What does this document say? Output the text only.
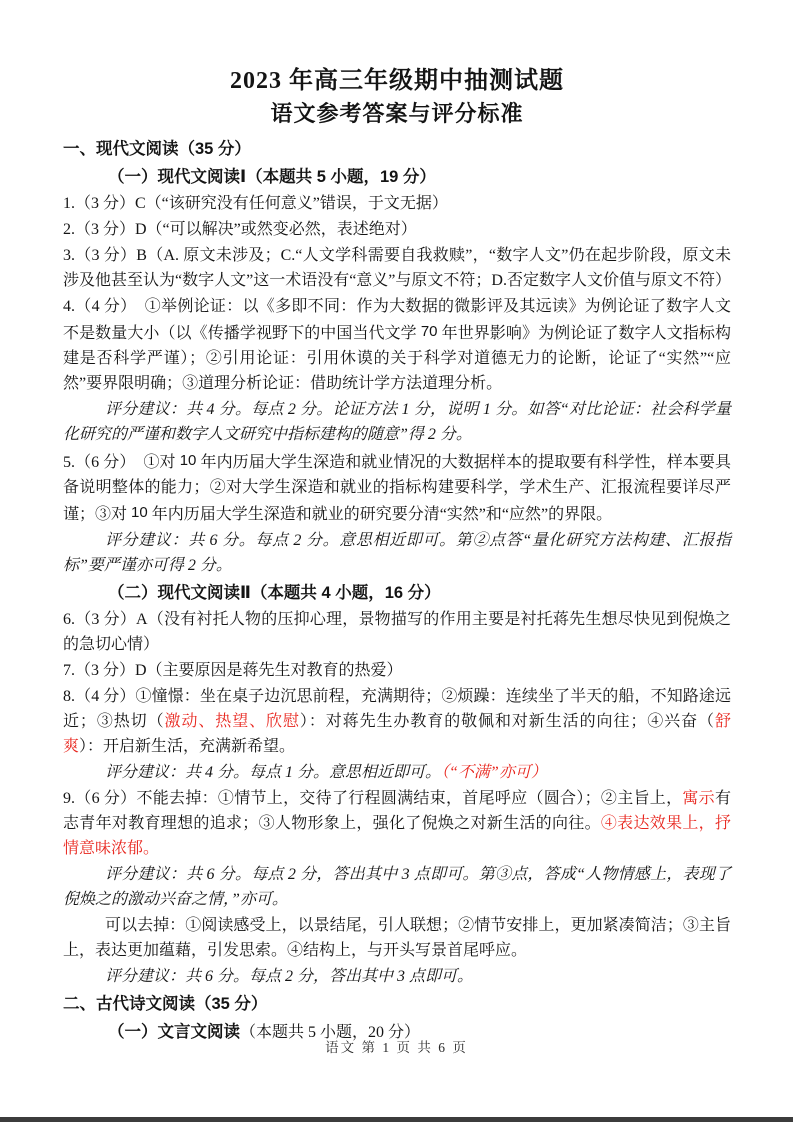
2023 年高三年级期中抽测试题

语文参考答案与评分标准

一、现代文阅读（35 分）

（一）现代文阅读Ⅰ（本题共 5 小题，19 分）

1.（3 分）C（“该研究没有任何意义”错误，于文无据）

2.（3 分）D（“可以解决”或然变必然，表述绝对）

3.（3 分）B（A. 原文未涉及；C.“人文学科需要自我救赎”，“数字人文”仍在起步阶段，原文未涉及他甚至认为“数字人文”这一术语没有“意义”与原文不符；D.否定数字人文价值与原文不符）

4.（4 分）　①举例论证：以《多即不同：作为大数据的微影评及其远读》为例论证了数字人文不是数量大小（以《传播学视野下的中国当代文学 70 年世界影响》为例论证了数字人文指标构建是否科学严谨）；②引用论证：引用休谟的关于科学对道德无力的论断，论证了“实然”“应然”要界限明确；③道理分析论证：借助统计学方法道理分析。

评分建议：共 4 分。每点 2 分。论证方法 1 分，说明 1 分。如答“对比论证：社会科学量化研究的严谨和数字人文研究中指标建构的随意”得 2 分。

5.（6 分）　①对 10 年内历届大学生深造和就业情况的大数据样本的提取要有科学性，样本要具备说明整体的能力；②对大学生深造和就业的指标构建要科学，学术生产、汇报流程要详尽严谨；③对 10 年内历届大学生深造和就业的研究要分清“实然”和“应然”的界限。

评分建议：共 6 分。每点 2 分。意思相近即可。第②点答“量化研究方法构建、汇报指标”要严谨亦可得 2 分。

（二）现代文阅读Ⅱ（本题共 4 小题，16 分）

6.（3 分）A（没有衬托人物的压抑心理，景物描写的作用主要是衬托蒋先生想尽快见到倪焕之的急切心情）

7.（3 分）D（主要原因是蒋先生对教育的热爱）

8.（4 分）①憧憬：坐在桌子边沉思前程，充满期待；②烦躁：连续坐了半天的船，不知路途远近；③热切（激动、热望、欣慰）：对蒋先生办教育的敬佩和对新生活的向往；④兴奋（舒爽）：开启新生活，充满新希望。

评分建议：共 4 分。每点 1 分。意思相近即可。（“不满”亦可）

9.（6 分）不能去掉：①情节上，交待了行程圆满结束，首尾呼应（圆合）；②主旨上，寓示有志青年对教育理想的追求；③人物形象上，强化了倪焕之对新生活的向往。④表达效果上，抒情意味浓郁。

评分建议：共 6 分。每点 2 分，答出其中 3 点即可。第③点，答成“人物情感上，表现了倪焕之的激动兴奋之情，”亦可。

可以去掉：①阅读感受上，以景结尾，引人联想；②情节安排上，更加紧凑简洁；③主旨上，表达更加蕴藉，引发思索。④结构上，与开头写景首尾呼应。

评分建议：共 6 分。每点 2 分，答出其中 3 点即可。

二、古代诗文阅读（35 分）

（一）文言文阅读（本题共 5 小题，20 分）

语文 第 1 页 共 6 页
